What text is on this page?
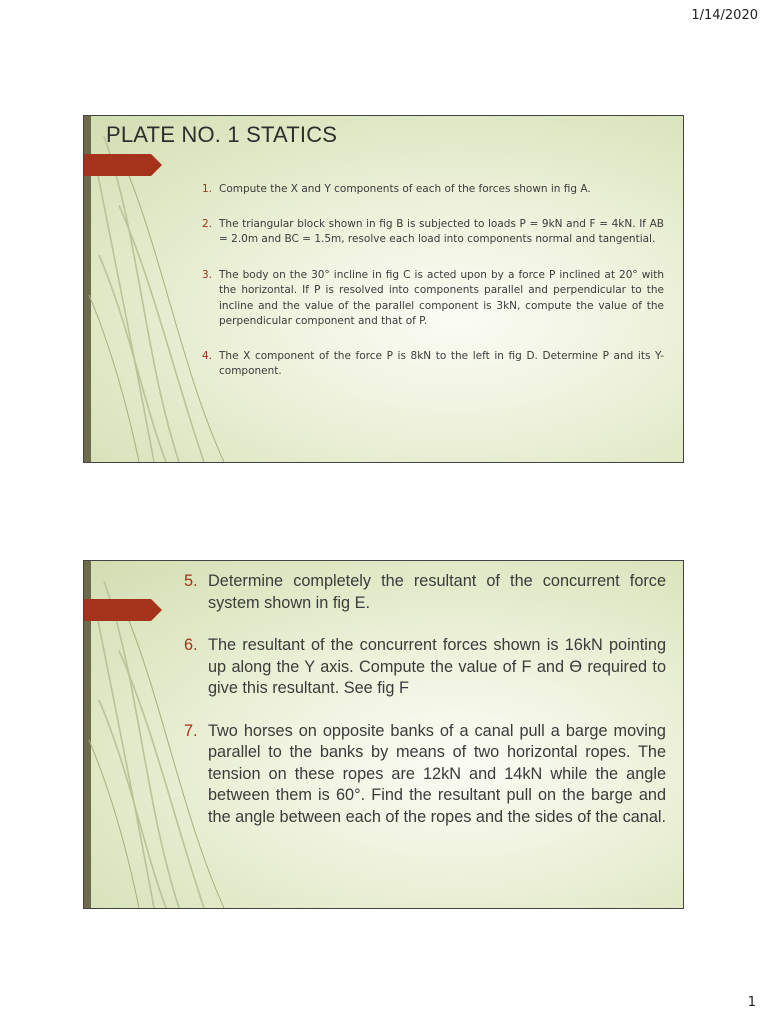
1/14/2020
PLATE NO. 1 STATICS
1. Compute the X and Y components of each of the forces shown in fig A.
2. The triangular block shown in fig B is subjected to loads P = 9kN and F = 4kN. If AB = 2.0m and BC = 1.5m, resolve each load into components normal and tangential.
3. The body on the 30° incline in fig C is acted upon by a force P inclined at 20° with the horizontal. If P is resolved into components parallel and perpendicular to the incline and the value of the parallel component is 3kN, compute the value of the perpendicular component and that of P.
4. The X component of the force P is 8kN to the left in fig D. Determine P and its Y-component.
5. Determine completely the resultant of the concurrent force system shown in fig E.
6. The resultant of the concurrent forces shown is 16kN pointing up along the Y axis. Compute the value of F and ϴ required to give this resultant. See fig F
7. Two horses on opposite banks of a canal pull a barge moving parallel to the banks by means of two horizontal ropes. The tension on these ropes are 12kN and 14kN while the angle between them is 60°. Find the resultant pull on the barge and the angle between each of the ropes and the sides of the canal.
1
